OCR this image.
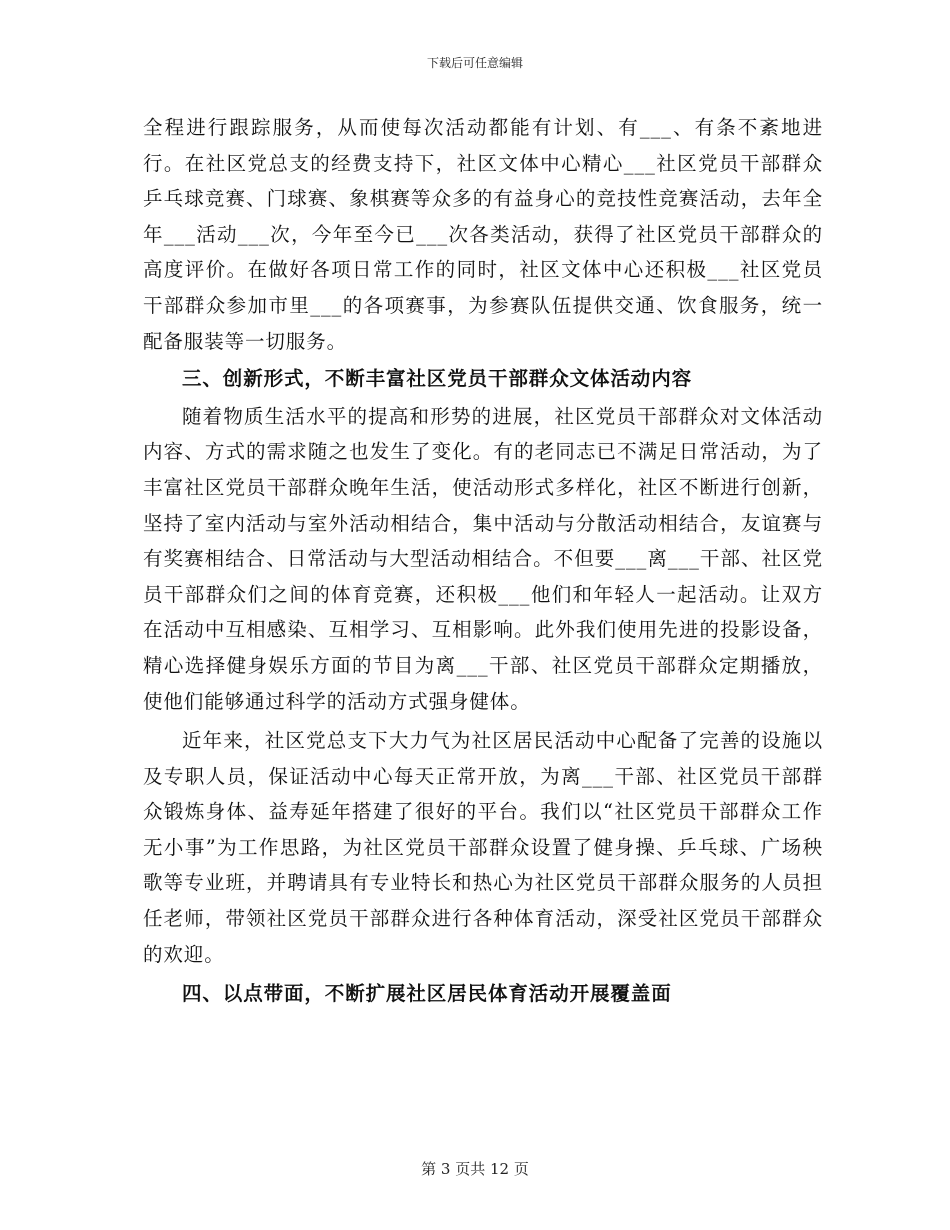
下载后可任意编辑

全程进行跟踪服务，从而使每次活动都能有计划、有___、有条不紊地进行。在社区党总支的经费支持下，社区文体中心精心___社区党员干部群众乒乓球竞赛、门球赛、象棋赛等众多的有益身心的竞技性竞赛活动，去年全年___活动___次，今年至今已___次各类活动，获得了社区党员干部群众的高度评价。在做好各项日常工作的同时，社区文体中心还积极___社区党员干部群众参加市里___的各项赛事，为参赛队伍提供交通、饮食服务，统一配备服装等一切服务。

三、创新形式，不断丰富社区党员干部群众文体活动内容

随着物质生活水平的提高和形势的进展，社区党员干部群众对文体活动内容、方式的需求随之也发生了变化。有的老同志已不满足日常活动，为了丰富社区党员干部群众晚年生活，使活动形式多样化，社区不断进行创新，坚持了室内活动与室外活动相结合，集中活动与分散活动相结合，友谊赛与有奖赛相结合、日常活动与大型活动相结合。不但要___离___干部、社区党员干部群众们之间的体育竞赛，还积极___他们和年轻人一起活动。让双方在活动中互相感染、互相学习、互相影响。此外我们使用先进的投影设备，精心选择健身娱乐方面的节目为离___干部、社区党员干部群众定期播放，使他们能够通过科学的活动方式强身健体。

近年来，社区党总支下大力气为社区居民活动中心配备了完善的设施以及专职人员，保证活动中心每天正常开放，为离___干部、社区党员干部群众锻炼身体、益寿延年搭建了很好的平台。我们以“社区党员干部群众工作无小事”为工作思路，为社区党员干部群众设置了健身操、乒乓球、广场秧歌等专业班，并聘请具有专业特长和热心为社区党员干部群众服务的人员担任老师，带领社区党员干部群众进行各种体育活动，深受社区党员干部群众的欢迎。

四、以点带面，不断扩展社区居民体育活动开展覆盖面

第 3 页共 12 页
